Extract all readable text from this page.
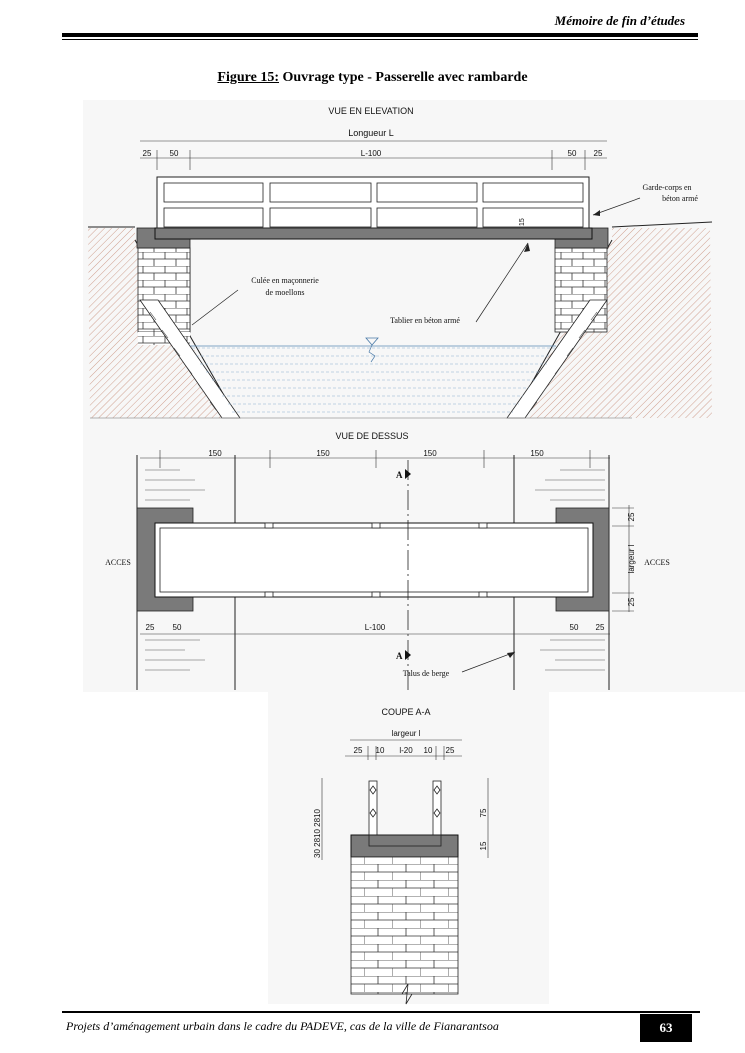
Mémoire de fin d’études
Figure 15: Ouvrage type - Passerelle avec rambarde
VUE EN ELEVATION
Longueur L
25 50	L-100	50 25
15
Garde-corps en
béton armé
Culée en maçonnerie
de moellons
Tablier en béton armé
VUE DE DESSUS
150	150	150	150
A
A
ACCES	ACCES
25
largeur l
25
25 50	L-100	50 25
Talus de berge
COUPE A-A
largeur l
25 10 l-20 10 25
30 2810 2810	75
15
Projets d’aménagement urbain dans le cadre du PADEVE, cas de la ville de Fianarantsoa	63
